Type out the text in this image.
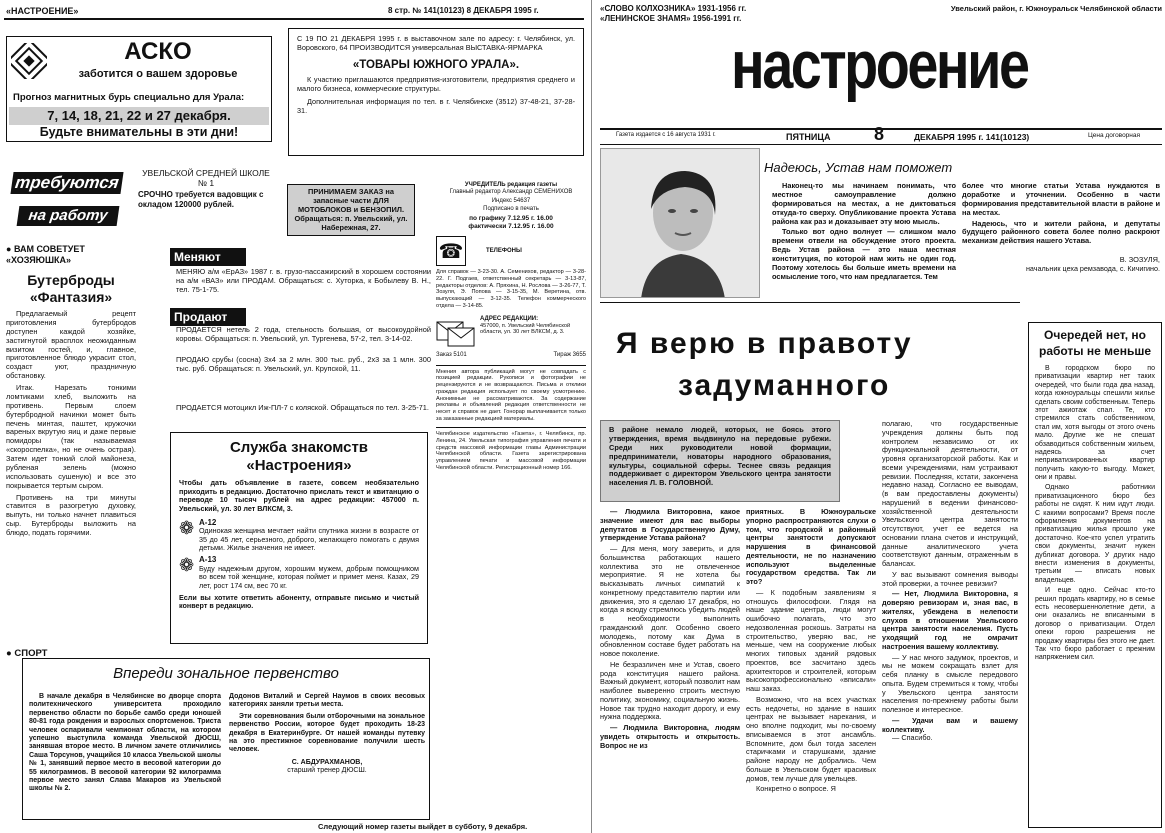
«НАСТРОЕНИЕ»	8 стр. № 141(10123) 8 ДЕКАБРЯ 1995 г.
АСКО
заботится о вашем здоровье
Прогноз магнитных бурь специально для Урала:
7, 14, 18, 21, 22 и 27 декабря.
Будьте внимательны в эти дни!
С 19 ПО 21 ДЕКАБРЯ 1995 г. в выставочном зале по адресу: г. Челябинск, ул. Воровского, 64 ПРОИЗВОДИТСЯ универсальная ВЫСТАВКА-ЯРМАРКА
«ТОВАРЫ ЮЖНОГО УРАЛА».
К участию приглашаются предприятия-изготовители, предприятия среднего и малого бизнеса, коммерческие структуры.
Дополнительная информация по тел. в г. Челябинске (3512) 37-48-21, 37-28-31.
требуются
на работу
УВЕЛЬСКОЙ СРЕДНЕЙ ШКОЛЕ № 1
СРОЧНО требуется вадовщик с окладом 120000 рублей.
ПРИНИМАЕМ ЗАКАЗ на запасные части ДЛЯ МОТОБЛОКОВ и БЕНЗОПИЛ. Обращаться: п. Увельский, ул. Набережная, 27.
● ВАМ СОВЕТУЕТ «ХОЗЯЮШКА»
Бутерброды «Фантазия»
Предлагаемый рецепт приготовления бутербродов доступен каждой хозяйке, застигнутой врасплох неожиданным визитом гостей, и, главное, приготовленное блюдо украсит стол, создаст уют, праздничную обстановку.
Итак. Нарезать тонкими ломтиками хлеб, выложить на противень. Первым слоем бутербродной начинки может быть печень минтая, паштет, кружочки вареных вкрутую яиц и даже первые помидоры (так называемая «скороспелка», но не очень острая). Затем идет тонкий слой майонеза, рубленая зелень (можно использовать сушеную) и все это покрывается тертым сыром.
Противень на три минуты ставится в разогретую духовку, выпуть, ни только начнет плавиться сыр. Бутерброды выложить на блюдо, подать горячими.
Меняют
МЕНЯЮ а/м «ЕрАЗ» 1987 г. в. грузо-пассажирский в хорошем состоянии на а/м «ВАЗ» или ПРОДАМ. Обращаться: с. Хуторка, к Бобылеву В. Н., тел. 75-1-75.
Продают
ПРОДАЕТСЯ нетель 2 года, стельность большая, от высокоудойной коровы. Обращаться: п. Увельский, ул. Тургенева, 57-2, тел. 3-14-02.
ПРОДАЮ срубы (сосна) 3х4 за 2 млн. 300 тыс. руб., 2х3 за 1 млн. 300 тыс. руб. Обращаться: п. Увельский, ул. Крупской, 11.
ПРОДАЕТСЯ мотоцикл Иж-ПЛ-7 с коляской. Обращаться по тел. 3-25-71.
Служба знакомств
«Настроения»
Чтобы дать объявление в газете, совсем необязательно приходить в редакцию. Достаточно прислать текст и квитанцию о переводе 10 тысяч рублей на адрес редакции: 457000 п. Увельский, ул. 30 лет ВЛКСМ, 3.
❁ А-12
Одинокая женщина мечтает найти спутника жизни в возрасте от 35 до 45 лет, серьезного, доброго, желающего помогать с двумя детьми. Жилье значения не имеет.
❁ А-13
Буду надежным другом, хорошим мужем, добрым помощником во всем той женщине, которая поймет и примет меня. Казах, 29 лет, рост 174 см, вес 70 кг.
Если вы хотите ответить абоненту, отправьте письмо и чистый конверт в редакцию.
УЧРЕДИТЕЛЬ редакция газеты
Главный редактор Александр СЕМЕНИХОВ
Индекс 54637
Подписано в печать
по графику 7.12.95 г. 16.00
фактически 7.12.95 г. 16.00
☎	ТЕЛЕФОНЫ
Для справок — 3-23-30. А. Семенихов, редактор — 3-28-22. Г. Подгаев, ответственный секретарь — 3-13-87, редакторы отделов: А. Пряхина, Н. Рослова — 3-26-77, Т. Зозуля, Э. Попова — 3-15-35, М. Веретина, отв. выпускающий — 3-12-35. Телефон коммерческого отдела — 3-14-85.
АДРЕС РЕДАКЦИИ:
457000, п. Увельский Челябинской области, ул. 30 лет ВЛКСМ, д. 3.
Заказ 5101	Тираж 3655
Мнения автора публикаций могут не совпадать с позицией редакции. Рукописи и фотографии не рецензируются и не возвращаются. Письма и отклики граждан редакция использует по своему усмотрению. Анонимные не рассматриваются. За содержание рекламы и объявлений редакция ответственности не несет и справок не дает. Гонорар выплачивается только за заказанные редакцией материалы.
Челябинское издательство «Газета», г. Челябинск, пр. Ленина, 24. Увельская типография управления печати и средств массовой информации главы Администрации Челябинской области. Газета зарегистрирована управлением печати и массовой информации Челябинской области. Регистрационный номер 166.
● СПОРТ
Впереди зональное первенство
В начале декабря в Челябинске во дворце спорта политехнического университета проходило первенство области по борьбе самбо среди юношей 80-81 года рождения и взрослых спортсменов. Триста человек оспаривали чемпионат области, на котором успешно выступила команда Увельской ДЮСШ, занявшая второе место. В личном зачете отличились Саша Торсунов, учащийся 10 класса Увельской школы № 1, занявший первое место в весовой категории до 55 килограммов. В весовой категории 92 килограмма первое место занял Слава Макаров из Увельской школы № 2.
Додонов Виталий и Сергей Наумов в своих весовых категориях заняли третьи места.
Эти соревнования были отборочными на зональное первенство России, которое будет проходить 18-23 декабря в Екатеринбурге. От нашей команды путевку на это престижное соревнование получили шесть человек.
С. АБДУРАХМАНОВ,
старший тренер ДЮСШ.
Следующий номер газеты выйдет в субботу, 9 декабря.
«СЛОВО КОЛХОЗНИКА» 1931-1956 гг. «ЛЕНИНСКОЕ ЗНАМЯ» 1956-1991 гг.
Увельский район, г. Южноуральск Челябинской области
настроение
Газета издается с 16 августа 1931 г.	ПЯТНИЦА 8	ДЕКАБРЯ 1995 г. 141(10123)	Цена договорная
Надеюсь, Устав нам поможет
Наконец-то мы начинаем понимать, что местное самоуправление должно формироваться на местах, а не диктоваться откуда-то сверху. Опубликование проекта Устава района как раз и доказывает эту мою мысль.
Только вот одно волнует — слишком мало времени отвели на обсуждение этого проекта. Ведь Устав района — это наша местная конституция, по которой нам жить не один год. Поэтому хотелось бы больше иметь времени на осмысление того, что нам предлагается. Тем
более что многие статьи Устава нуждаются в доработке и уточнении. Особенно в части формирования представительной власти в районе и на местах.
Надеюсь, что и жители района, и депутаты будущего районного совета более полно раскроют механизм действия нашего Устава.
В. ЗОЗУЛЯ,
начальник цеха ремзавода, с. Кичигино.
Я верю в правоту
задуманного
В районе немало людей, которых, не боясь этого утверждения, время выдвинуло на передовые рубежи. Среди них руководители новой формации, предприниматели, новаторы народного образования, культуры, социальной сферы. Теснее связь редакция поддерживает с директором Увельского центра занятости населения Л. В. ГОЛОВНОЙ.
— Людмила Викторовна, какое значение имеют для вас выборы депутатов в Государственную Думу, утверждение Устава района?
— Для меня, могу заверить, и для большинства работающих нашего коллектива это не отвлеченное мероприятие. Я не хотела бы высказывать личных симпатий к конкретному представителю партии или движения, это я сделаю 17 декабря, но когда я всюду стремлюсь убедить людей в необходимости выполнить гражданский долг. Особенно своего молодежь, потому как Дума в обновленном составе будет работать на новое поколение.
Не безразличен мне и Устав, своего рода конституция нашего района. Важный документ, который позволит нам наиболее выверенно строить местную политику, экономику, социальную жизнь. Новое так трудно находит дорогу, и ему нужна поддержка.
— Людмила Викторовна, людям увидеть открытость и открытость. Вопрос не из
приятных. В Южноуральске упорно распространяются слухи о том, что городской и районный центры занятости допускают нарушения в финансовой деятельности, не по назначению используют выделенные государством средства. Так ли это?
— К подобным заявлениям я отношусь философски. Глядя на наше здание центра, люди могут ошибочно полагать, что это недозволенная роскошь. Затраты на строительство, уверяю вас, не меньше, чем на сооружение любых многих типовых зданий рядовых проектов, все засчитано здесь архитекторов и строителей, которым высокопрофессионально «вписали» наш заказ.
Возможно, что на всех участках есть недочеты, но здание в наших центрах не вызывает нарекания, и оно вполне подходит, мы по-своему вписываемся в этот ансамбль. Вспомните, дом был тогда заселен старичками и старушками, здание районе народу не добрались. Чем больше в Увельском будет красивых домов, тем лучше для увельцев.
Конкретно о вопросе. Я
полагаю, что государственные учреждения должны быть под контролем независимо от их функциональной деятельности, от уровня организаторской работы. Как и всеми учреждениями, нам устраивают ревизии. Последняя, кстати, закончена недавно назад. Согласно ее выводам, (в вам предоставлены документы) нарушений в ведении финансово-хозяйственной деятельности Увельского центра занятости отсутствуют, учет ее ведется на основании плана счетов и инструкций, данные аналитического учета соответствуют данным, отраженным в балансах.
У вас вызывают сомнения выводы этой проверки, а точнее ревизии?
— Нет, Людмила Викторовна, я доверяю ревизорам и, зная вас, в жителях, убеждена в нелепости слухов в отношении Увельского центра занятости населения. Пусть уходящий год не омрачит настроения вашему коллективу.
— У нас много задумок, проектов, и мы не можем сокращать взлет для себя планку в смысле передового опыта. Будем стремиться к тому, чтобы у Увельского центра занятости населения по-прежнему работы были полезное и интересное.
— Удачи вам и вашему коллективу.
— Спасибо.
Очередей нет, но работы не меньше
В городском бюро по приватизации квартир нет таких очередей, что были года два назад, когда южноуральцы спешили жилье сделать своим собственным. Теперь этот ажиотаж спал. Те, кто стремился стать собственником, стал им, хотя выгоды от этого очень мало. Другие же не спешат обзаводиться собственным жильем, надеясь за счет неприватизированных квартир получить какую-то выгоду. Может, они и правы.
Однако работники приватизационного бюро без работы не сидят. К ним идут люди. С какими вопросами? Время после оформления документов на приватизацию жилья прошло уже достаточно. Кое-кто успел утратить свои документы, значит нужен дубликат договора. У других надо внести изменения в документы, третьим — вписать новых владельцев.
И еще одно. Сейчас кто-то решил продать квартиру, но в семье есть несовершеннолетние дети, а они оказались не вписанными в договор о приватизации. Отдел опеки горою разрешения не продажу квартиры без этого не дает. Так что бюро работает с прежним напряжением сил.
